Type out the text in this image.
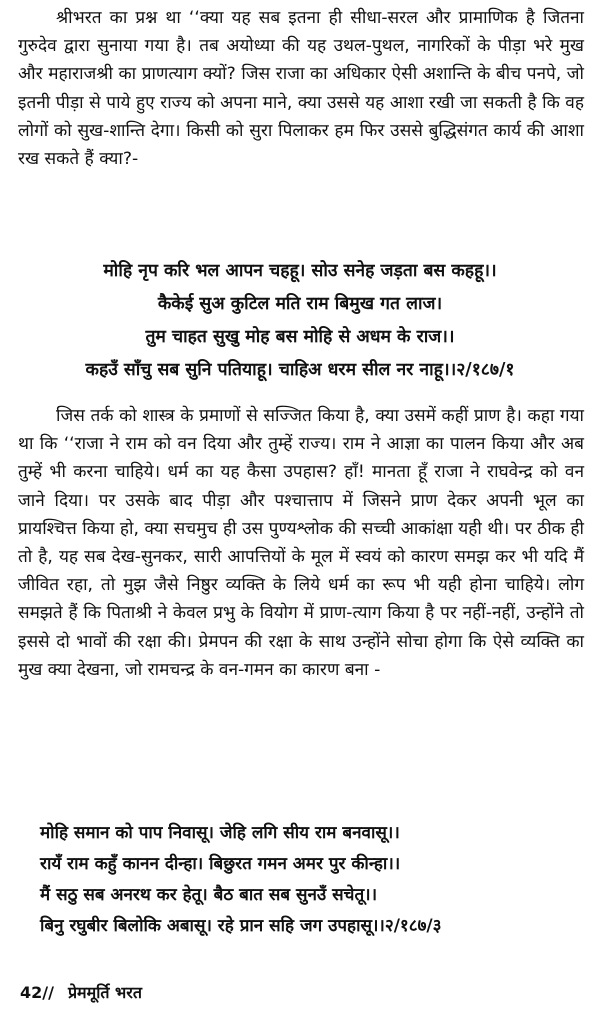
श्रीभरत का प्रश्न था ‘‘क्या यह सब इतना ही सीधा-सरल और प्रामाणिक है जितना गुरुदेव द्वारा सुनाया गया है। तब अयोध्या की यह उथल-पुथल, नागरिकों के पीड़ा भरे मुख और महाराजश्री का प्राणत्याग क्यों? जिस राजा का अधिकार ऐसी अशान्ति के बीच पनपे, जो इतनी पीड़ा से पाये हुए राज्य को अपना माने, क्या उससे यह आशा रखी जा सकती है कि वह लोगों को सुख-शान्ति देगा। किसी को सुरा पिलाकर हम फिर उससे बुद्धिसंगत कार्य की आशा रख सकते हैं क्या?-

मोहि नृप करि भल आपन चहहू। सोउ सनेह जड़ता बस कहहू।।
कैकेई सुअ कुटिल मति राम बिमुख गत लाज।
तुम चाहत सुखु मोह बस मोहि से अधम के राज।।
कहउँ साँचु सब सुनि पतियाहू। चाहिअ धरम सील नर नाहू।।२/१८७/१

जिस तर्क को शास्त्र के प्रमाणों से सज्जित किया है, क्या उसमें कहीं प्राण है। कहा गया था कि ‘‘राजा ने राम को वन दिया और तुम्हें राज्य। राम ने आज्ञा का पालन किया और अब तुम्हें भी करना चाहिये। धर्म का यह कैसा उपहास? हाँ! मानता हूँ राजा ने राघवेन्द्र को वन जाने दिया। पर उसके बाद पीड़ा और पश्चात्ताप में जिसने प्राण देकर अपनी भूल का प्रायश्चित्त किया हो, क्या सचमुच ही उस पुण्यश्लोक की सच्ची आकांक्षा यही थी। पर ठीक ही तो है, यह सब देख-सुनकर, सारी आपत्तियों के मूल में स्वयं को कारण समझ कर भी यदि मैं जीवित रहा, तो मुझ जैसे निष्ठुर व्यक्ति के लिये धर्म का रूप भी यही होना चाहिये। लोग समझते हैं कि पिताश्री ने केवल प्रभु के वियोग में प्राण-त्याग किया है पर नहीं-नहीं, उन्होंने तो इससे दो भावों की रक्षा की। प्रेमपन की रक्षा के साथ उन्होंने सोचा होगा कि ऐसे व्यक्ति का मुख क्या देखना, जो रामचन्द्र के वन-गमन का कारण बना -

मोहि समान को पाप निवासू। जेहि लगि सीय राम बनवासू।।
रायँ राम कहुँ कानन दीन्हा। बिछुरत गमन अमर पुर कीन्हा।।
मैं सठु सब अनरथ कर हेतू। बैठ बात सब सुनउँ सचेतू।।
बिनु रघुबीर बिलोकि अबासू। रहे प्रान सहि जग उपहासू।।२/१८७/३
42// प्रेममूर्ति भरत
